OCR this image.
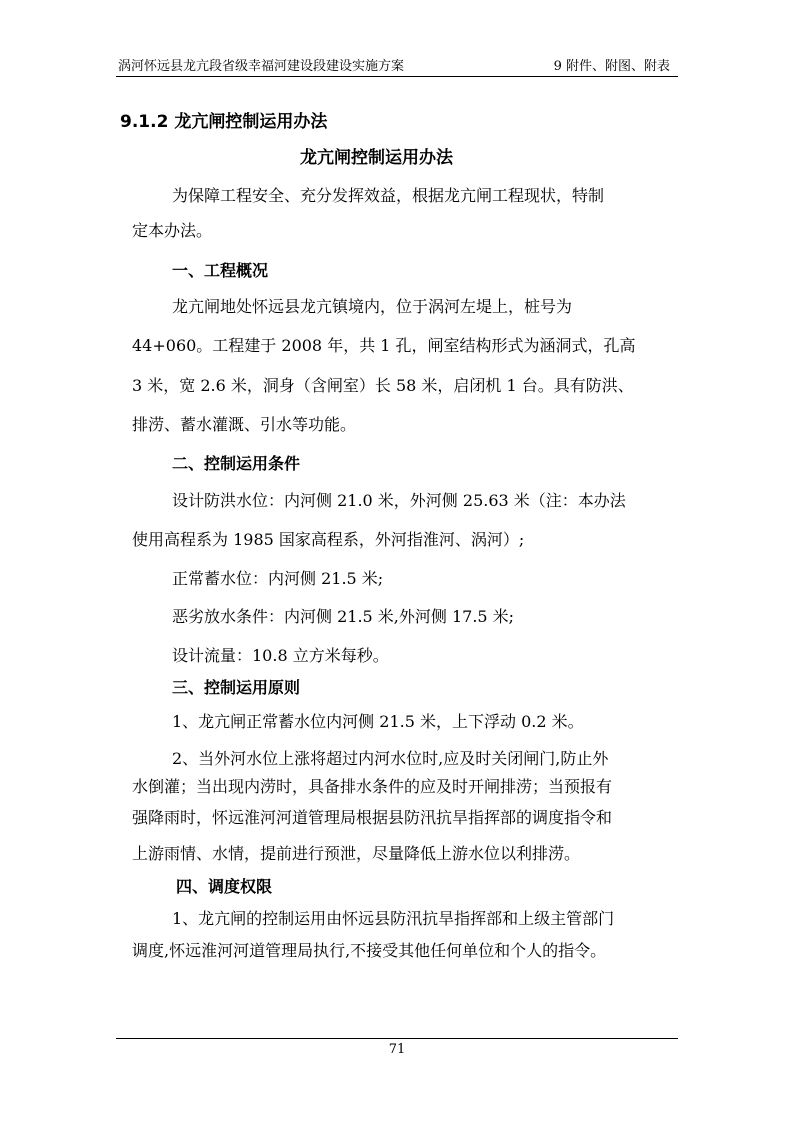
涡河怀远县龙亢段省级幸福河建设段建设实施方案	9 附件、附图、附表
9.1.2 龙亢闸控制运用办法
龙亢闸控制运用办法
为保障工程安全、充分发挥效益，根据龙亢闸工程现状，特制
定本办法。
一、工程概况
龙亢闸地处怀远县龙亢镇境内，位于涡河左堤上，桩号为
44+060。工程建于 2008 年，共 1 孔，闸室结构形式为涵洞式，孔高
3 米，宽 2.6 米，洞身（含闸室）长 58 米，启闭机 1 台。具有防洪、
排涝、蓄水灌溉、引水等功能。
二、控制运用条件
设计防洪水位：内河侧 21.0 米，外河侧 25.63 米（注：本办法
使用高程系为 1985 国家高程系，外河指淮河、涡河）;
正常蓄水位：内河侧 21.5 米;
恶劣放水条件：内河侧 21.5 米,外河侧 17.5 米;
设计流量：10.8 立方米每秒。
三、控制运用原则
1、龙亢闸正常蓄水位内河侧 21.5 米，上下浮动 0.2 米。
2、当外河水位上涨将超过内河水位时,应及时关闭闸门,防止外
水倒灌；当出现内涝时，具备排水条件的应及时开闸排涝；当预报有
强降雨时，怀远淮河河道管理局根据县防汛抗旱指挥部的调度指令和
上游雨情、水情，提前进行预泄，尽量降低上游水位以利排涝。
四、调度权限
1、龙亢闸的控制运用由怀远县防汛抗旱指挥部和上级主管部门
调度,怀远淮河河道管理局执行,不接受其他任何单位和个人的指令。
71
